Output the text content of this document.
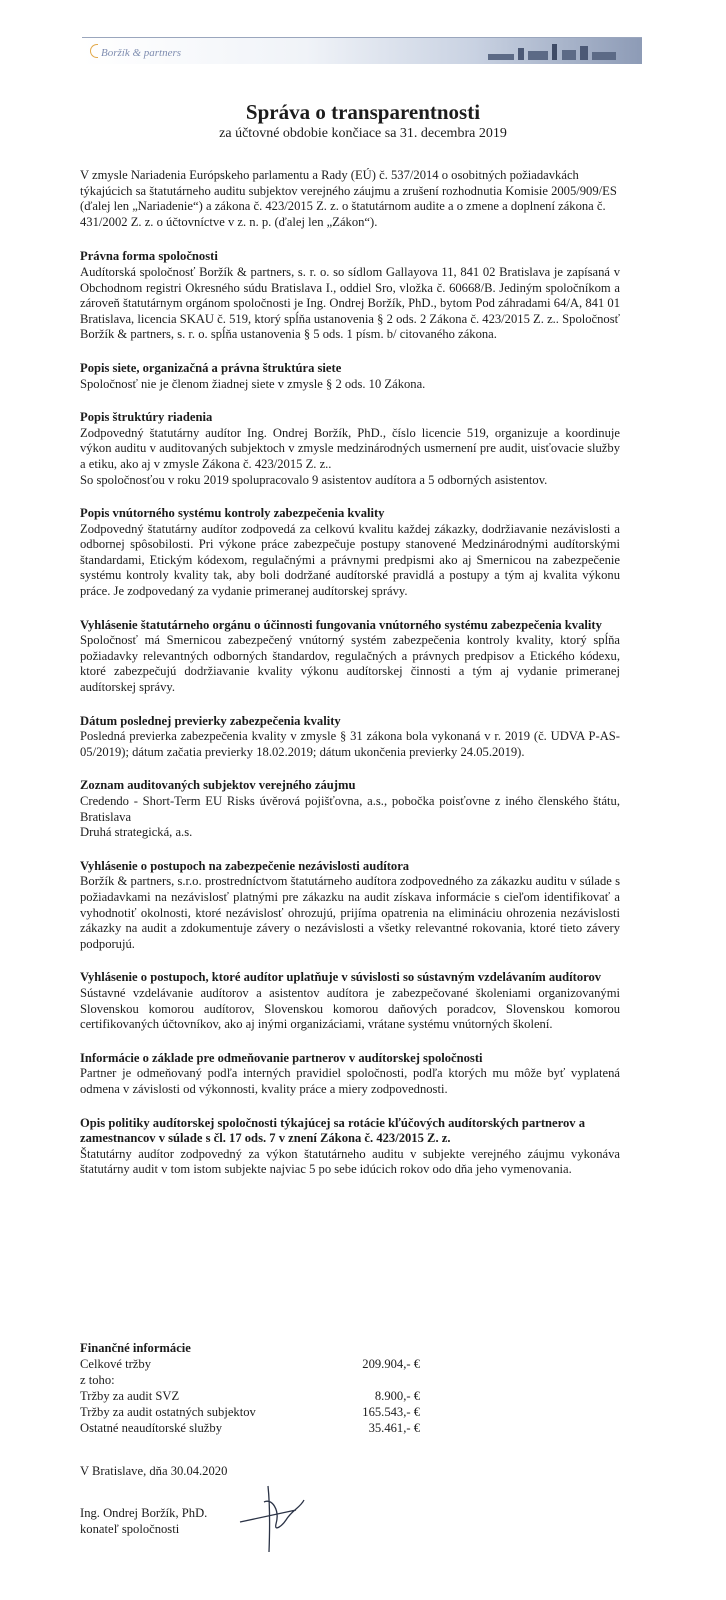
Boržík & partners
Správa o transparentnosti
za účtovné obdobie končiace sa 31. decembra 2019

V zmysle Nariadenia Európskeho parlamentu a Rady (EÚ) č. 537/2014 o osobitných požiadavkách týkajúcich sa štatutárneho auditu subjektov verejného záujmu a zrušení rozhodnutia Komisie 2005/909/ES (ďalej len „Nariadenie“) a zákona č. 423/2015 Z. z. o štatutárnom audite a o zmene a doplnení zákona č. 431/2002 Z. z. o účtovníctve v z. n. p. (ďalej len „Zákon“).

Právna forma spoločnosti

Audítorská spoločnosť Boržík & partners, s. r. o. so sídlom Gallayova 11, 841 02 Bratislava je zapísaná v Obchodnom registri Okresného súdu Bratislava I., oddiel Sro, vložka č. 60668/B. Jediným spoločníkom a zároveň štatutárnym orgánom spoločnosti je Ing. Ondrej Boržík, PhD., bytom Pod záhradami 64/A, 841 01 Bratislava, licencia SKAU č. 519, ktorý spĺňa ustanovenia § 2 ods. 2 Zákona č. 423/2015 Z. z.. Spoločnosť Boržík & partners, s. r. o. spĺňa ustanovenia § 5 ods. 1 písm. b/ citovaného zákona.

Popis siete, organizačná a právna štruktúra siete

Spoločnosť nie je členom žiadnej siete v zmysle § 2 ods. 10 Zákona.

Popis štruktúry riadenia

Zodpovedný štatutárny audítor Ing. Ondrej Boržík, PhD., číslo licencie 519, organizuje a koordinuje výkon auditu v auditovaných subjektoch v zmysle medzinárodných usmernení pre audit, uisťovacie služby a etiku, ako aj v zmysle Zákona č. 423/2015 Z. z..

So spoločnosťou v roku 2019 spolupracovalo 9 asistentov audítora a 5 odborných asistentov.

Popis vnútorného systému kontroly zabezpečenia kvality

Zodpovedný štatutárny audítor zodpovedá za celkovú kvalitu každej zákazky, dodržiavanie nezávislosti a odbornej spôsobilosti. Pri výkone práce zabezpečuje postupy stanovené Medzinárodnými audítorskými štandardami, Etickým kódexom, regulačnými a právnymi predpismi ako aj Smernicou na zabezpečenie systému kontroly kvality tak, aby boli dodržané audítorské pravidlá a postupy a tým aj kvalita výkonu práce. Je zodpovedaný za vydanie primeranej audítorskej správy.

Vyhlásenie štatutárneho orgánu o účinnosti fungovania vnútorného systému zabezpečenia kvality

Spoločnosť má Smernicou zabezpečený vnútorný systém zabezpečenia kontroly kvality, ktorý spĺňa požiadavky relevantných odborných štandardov, regulačných a právnych predpisov a Etického kódexu, ktoré zabezpečujú dodržiavanie kvality výkonu audítorskej činnosti a tým aj vydanie primeranej audítorskej správy.

Dátum poslednej previerky zabezpečenia kvality

Posledná previerka zabezpečenia kvality v zmysle § 31 zákona bola vykonaná v r. 2019 (č. UDVA P-AS-05/2019); dátum začatia previerky 18.02.2019; dátum ukončenia previerky 24.05.2019).

Zoznam auditovaných subjektov verejného záujmu

Credendo - Short-Term EU Risks úvěrová pojišťovna, a.s., pobočka poisťovne z iného členského štátu, Bratislava

Druhá strategická, a.s.

Vyhlásenie o postupoch na zabezpečenie nezávislosti audítora

Boržík & partners, s.r.o. prostredníctvom štatutárneho audítora zodpovedného za zákazku auditu v súlade s požiadavkami na nezávislosť platnými pre zákazku na audit získava informácie s cieľom identifikovať a vyhodnotiť okolnosti, ktoré nezávislosť ohrozujú, prijíma opatrenia na elimináciu ohrozenia nezávislosti zákazky na audit a zdokumentuje závery o nezávislosti a všetky relevantné rokovania, ktoré tieto závery podporujú.

Vyhlásenie o postupoch, ktoré audítor uplatňuje v súvislosti so sústavným vzdelávaním audítorov

Sústavné vzdelávanie audítorov a asistentov audítora je zabezpečované školeniami organizovanými Slovenskou komorou audítorov, Slovenskou komorou daňových poradcov, Slovenskou komorou certifikovaných účtovníkov, ako aj inými organizáciami, vrátane systému vnútorných školení.

Informácie o základe pre odmeňovanie partnerov v audítorskej spoločnosti

Partner je odmeňovaný podľa interných pravidiel spoločnosti, podľa ktorých mu môže byť vyplatená odmena v závislosti od výkonnosti, kvality práce a miery zodpovednosti.

Opis politiky audítorskej spoločnosti týkajúcej sa rotácie kľúčových audítorských partnerov a zamestnancov v súlade s čl. 17 ods. 7 v znení Zákona č. 423/2015 Z. z.

Štatutárny audítor zodpovedný za výkon štatutárneho auditu v subjekte verejného záujmu vykonáva štatutárny audit v tom istom subjekte najviac 5 po sebe idúcich rokov odo dňa jeho vymenovania.

Finančné informácie
Celkové tržby	209.904,- €
z toho:
Tržby za audit SVZ	8.900,- €
Tržby za audit ostatných subjektov	165.543,- €
Ostatné neaudítorské služby	35.461,- €
V Bratislave, dňa 30.04.2020
Ing. Ondrej Boržík, PhD.
konateľ spoločnosti
